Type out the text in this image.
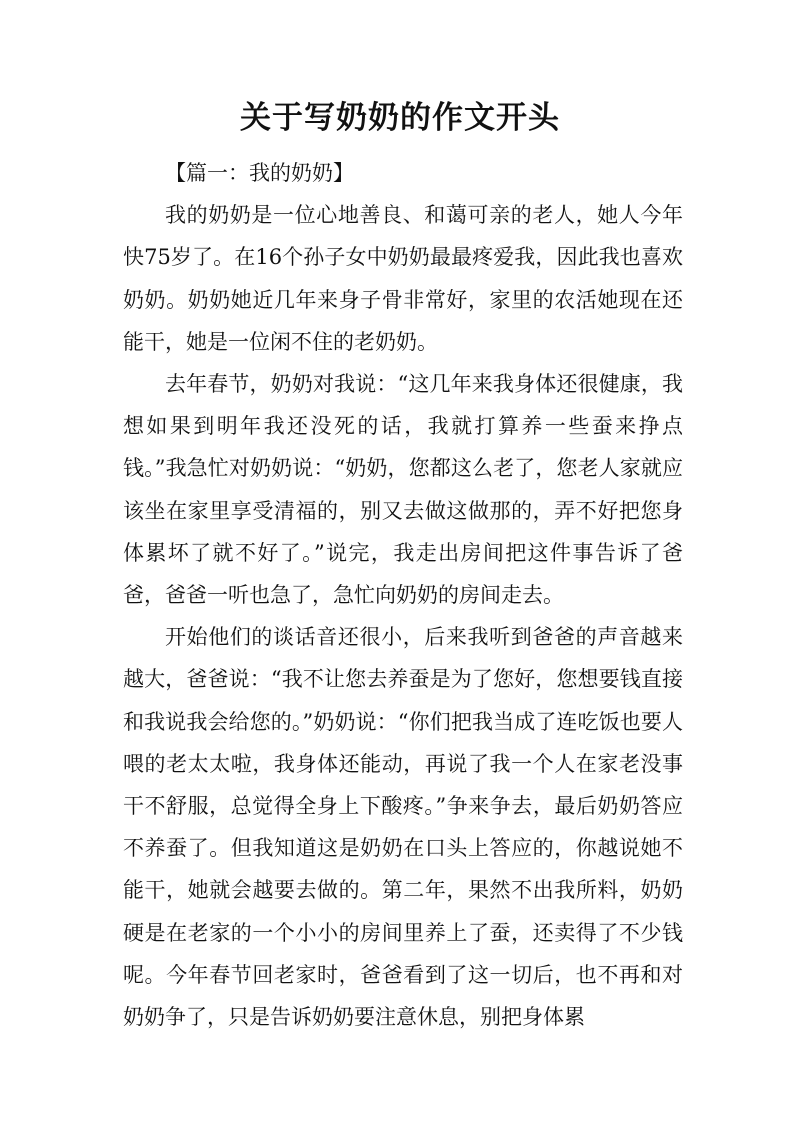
关于写奶奶的作文开头

【篇一：我的奶奶】

我的奶奶是一位心地善良、和蔼可亲的老人，她人今年快75岁了。在16个孙子女中奶奶最最疼爱我，因此我也喜欢奶奶。奶奶她近几年来身子骨非常好，家里的农活她现在还能干，她是一位闲不住的老奶奶。

去年春节，奶奶对我说：“这几年来我身体还很健康，我想如果到明年我还没死的话，我就打算养一些蚕来挣点钱。”我急忙对奶奶说：“奶奶，您都这么老了，您老人家就应该坐在家里享受清福的，别又去做这做那的，弄不好把您身体累坏了就不好了。”说完，我走出房间把这件事告诉了爸爸，爸爸一听也急了，急忙向奶奶的房间走去。

开始他们的谈话音还很小，后来我听到爸爸的声音越来越大，爸爸说：“我不让您去养蚕是为了您好，您想要钱直接和我说我会给您的。”奶奶说：“你们把我当成了连吃饭也要人喂的老太太啦，我身体还能动，再说了我一个人在家老没事干不舒服，总觉得全身上下酸疼。”争来争去，最后奶奶答应不养蚕了。但我知道这是奶奶在口头上答应的，你越说她不能干，她就会越要去做的。第二年，果然不出我所料，奶奶硬是在老家的一个小小的房间里养上了蚕，还卖得了不少钱呢。今年春节回老家时，爸爸看到了这一切后，也不再和对奶奶争了，只是告诉奶奶要注意休息，别把身体累
